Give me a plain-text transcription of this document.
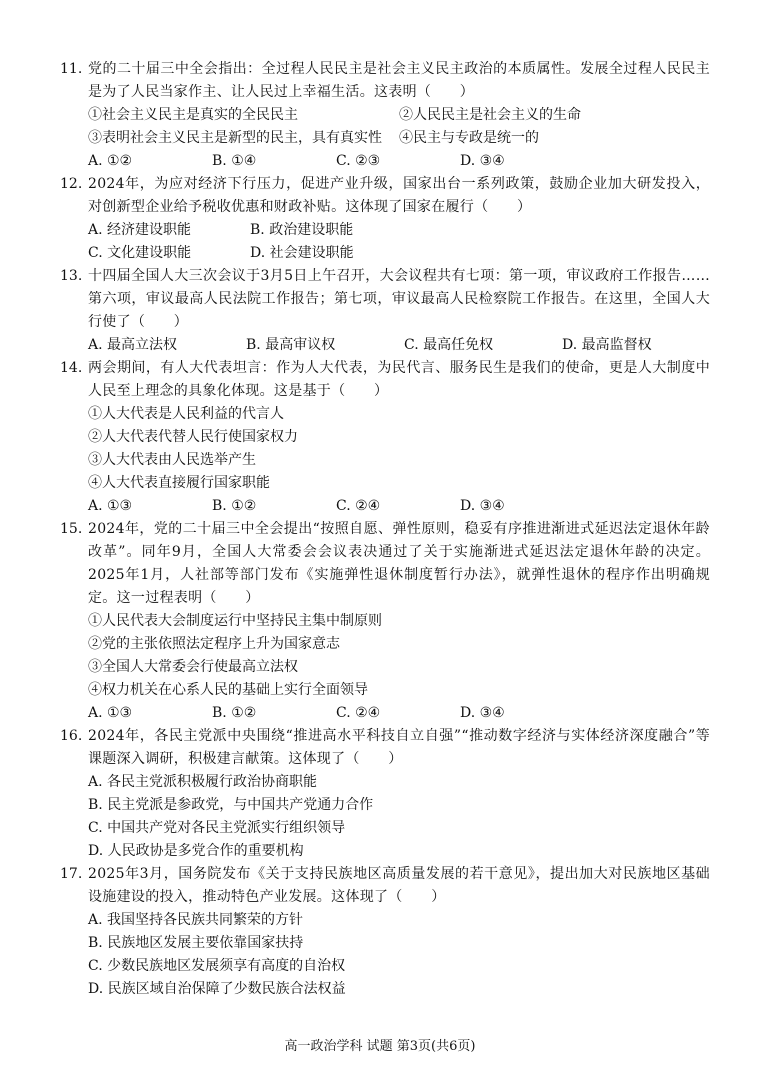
11. 党的二十届三中全会指出：全过程人民民主是社会主义民主政治的本质属性。发展全过程人民民主是为了人民当家作主、让人民过上幸福生活。这表明（　　）

①社会主义民主是真实的全民民主	②人民民主是社会主义的生命
③表明社会主义民主是新型的民主，具有真实性	④民主与专政是统一的
A. ①②	B. ①④	C. ②③	D. ③④
12. 2024年，为应对经济下行压力，促进产业升级，国家出台一系列政策，鼓励企业加大研发投入，对创新型企业给予税收优惠和财政补贴。这体现了国家在履行（　　）

A. 经济建设职能	B. 政治建设职能
C. 文化建设职能	D. 社会建设职能
13. 十四届全国人大三次会议于3月5日上午召开，大会议程共有七项：第一项，审议政府工作报告……第六项，审议最高人民法院工作报告；第七项，审议最高人民检察院工作报告。在这里，全国人大行使了（　　）

A. 最高立法权	B. 最高审议权	C. 最高任免权	D. 最高监督权
14. 两会期间，有人大代表坦言：作为人大代表，为民代言、服务民生是我们的使命，更是人大制度中人民至上理念的具象化体现。这是基于（　　）

①人大代表是人民利益的代言人

②人大代表代替人民行使国家权力

③人大代表由人民选举产生

④人大代表直接履行国家职能

A. ①③	B. ①②	C. ②④	D. ③④
15. 2024年，党的二十届三中全会提出“按照自愿、弹性原则，稳妥有序推进渐进式延迟法定退休年龄改革”。同年9月，全国人大常委会会议表决通过了关于实施渐进式延迟法定退休年龄的决定。2025年1月，人社部等部门发布《实施弹性退休制度暂行办法》，就弹性退休的程序作出明确规定。这一过程表明（　　）

①人民代表大会制度运行中坚持民主集中制原则

②党的主张依照法定程序上升为国家意志

③全国人大常委会行使最高立法权

④权力机关在心系人民的基础上实行全面领导

A. ①③	B. ①②	C. ②④	D. ③④
16. 2024年，各民主党派中央围绕“推进高水平科技自立自强”“推动数字经济与实体经济深度融合”等课题深入调研，积极建言献策。这体现了（　　）

A. 各民主党派积极履行政治协商职能
B. 民主党派是参政党，与中国共产党通力合作
C. 中国共产党对各民主党派实行组织领导
D. 人民政协是多党合作的重要机构
17. 2025年3月，国务院发布《关于支持民族地区高质量发展的若干意见》，提出加大对民族地区基础设施建设的投入，推动特色产业发展。这体现了（　　）

A. 我国坚持各民族共同繁荣的方针
B. 民族地区发展主要依靠国家扶持
C. 少数民族地区发展须享有高度的自治权
D. 民族区域自治保障了少数民族合法权益
高一政治学科 试题 第3页(共6页)
